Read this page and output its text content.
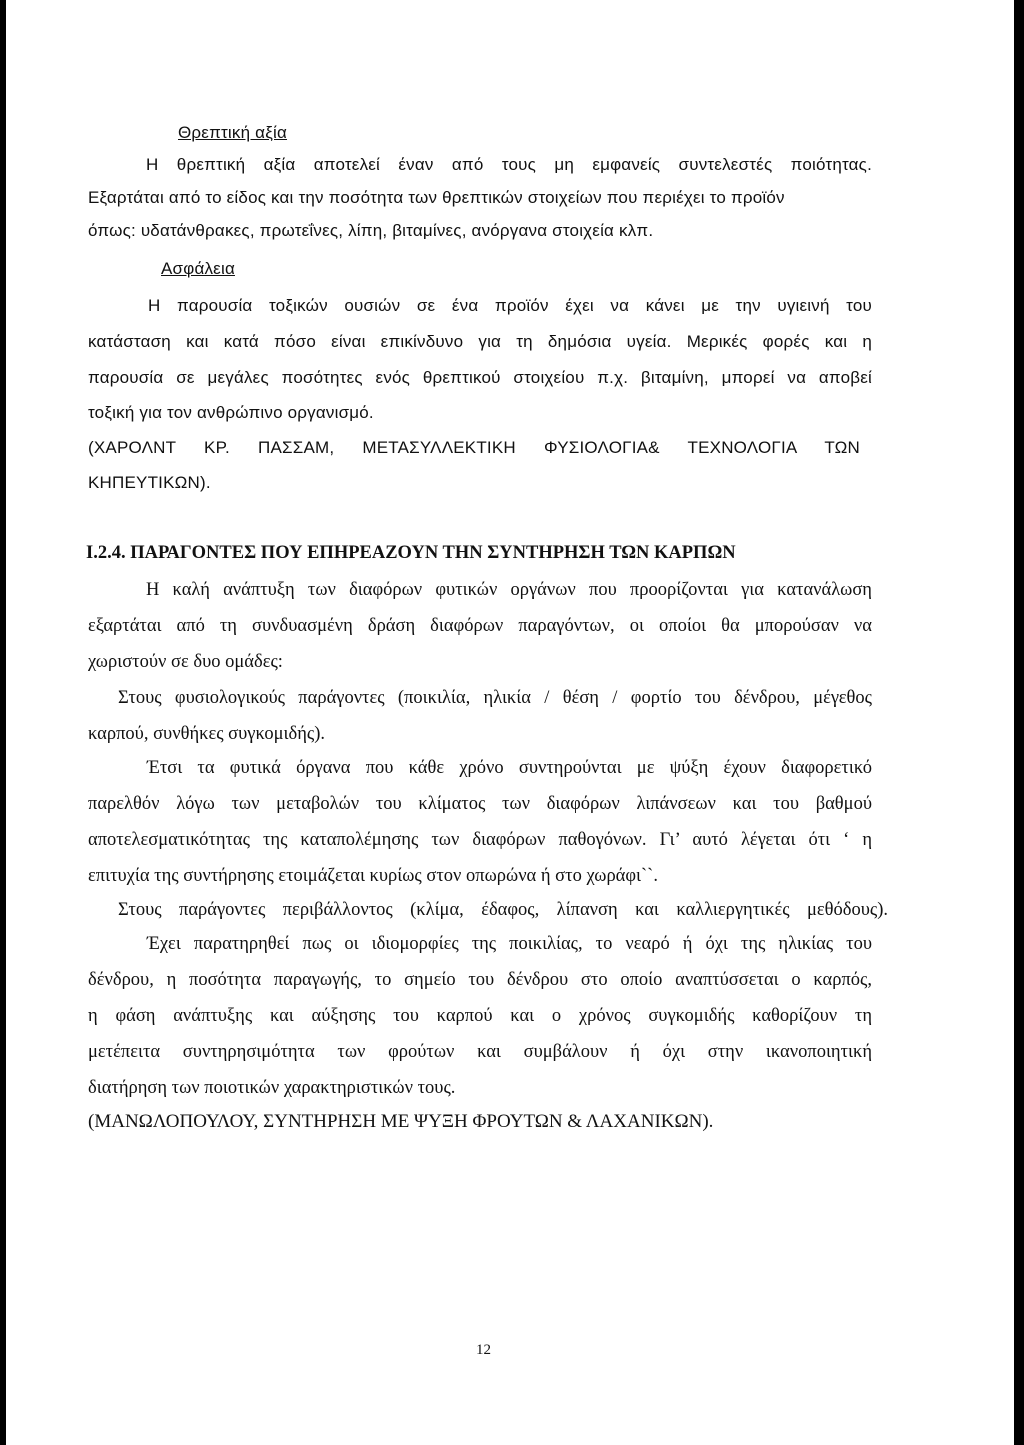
Θρεπτική αξία

Η θρεπτική αξία αποτελεί έναν από τους μη εμφανείς συντελεστές ποιότητας.

Εξαρτάται από το είδος και την ποσότητα των θρεπτικών στοιχείων που περιέχει το προϊόν

όπως: υδατάνθρακες, πρωτεΐνες, λίπη, βιταμίνες, ανόργανα στοιχεία κλπ.

Ασφάλεια

Η παρουσία τοξικών ουσιών σε ένα προϊόν έχει να κάνει με την υγιεινή του

κατάσταση και κατά πόσο είναι επικίνδυνο για τη δημόσια υγεία. Μερικές φορές και η

παρουσία σε μεγάλες ποσότητες ενός θρεπτικού στοιχείου π.χ. βιταμίνη, μπορεί να αποβεί

τοξική για τον ανθρώπινο οργανισμό.

(ΧΑΡΟΛΝΤ ΚΡ. ΠΑΣΣΑΜ, ΜΕΤΑΣΥΛΛΕΚΤΙΚΗ ΦΥΣΙΟΛΟΓΙΑ& ΤΕΧΝΟΛΟΓΙΑ ΤΩΝ

ΚΗΠΕΥΤΙΚΩΝ).

Ι.2.4. ΠΑΡΑΓΟΝΤΕΣ ΠΟΥ ΕΠΗΡΕΑΖΟΥΝ ΤΗΝ ΣΥΝΤΗΡΗΣΗ ΤΩΝ ΚΑΡΠΩΝ

Η καλή ανάπτυξη των διαφόρων φυτικών οργάνων που προορίζονται για κατανάλωση

εξαρτάται από τη συνδυασμένη δράση διαφόρων παραγόντων, οι οποίοι θα μπορούσαν να

χωριστούν σε δυο ομάδες:

Στους φυσιολογικούς παράγοντες (ποικιλία, ηλικία / θέση / φορτίο του δένδρου, μέγεθος

καρπού, συνθήκες συγκομιδής).

Έτσι τα φυτικά όργανα που κάθε χρόνο συντηρούνται με ψύξη έχουν διαφορετικό

παρελθόν λόγω των μεταβολών του κλίματος των διαφόρων λιπάνσεων και του βαθμού

αποτελεσματικότητας της καταπολέμησης των διαφόρων παθογόνων. Γι’ αυτό λέγεται ότι ‘ η

επιτυχία της συντήρησης ετοιμάζεται κυρίως στον οπωρώνα ή στο χωράφι``.

Στους παράγοντες περιβάλλοντος (κλίμα, έδαφος, λίπανση και καλλιεργητικές μεθόδους).

Έχει παρατηρηθεί πως οι ιδιομορφίες της ποικιλίας, το νεαρό ή όχι της ηλικίας του

δένδρου, η ποσότητα παραγωγής, το σημείο του δένδρου στο οποίο αναπτύσσεται ο καρπός,

η φάση ανάπτυξης και αύξησης του καρπού και ο χρόνος συγκομιδής καθορίζουν τη

μετέπειτα συντηρησιμότητα των φρούτων και συμβάλουν ή όχι στην ικανοποιητική

διατήρηση των ποιοτικών χαρακτηριστικών τους.

(ΜΑΝΩΛΟΠΟΥΛΟΥ, ΣΥΝΤΗΡΗΣΗ ΜΕ ΨΥΞΗ ΦΡΟΥΤΩΝ & ΛΑΧΑΝΙΚΩΝ).

12
